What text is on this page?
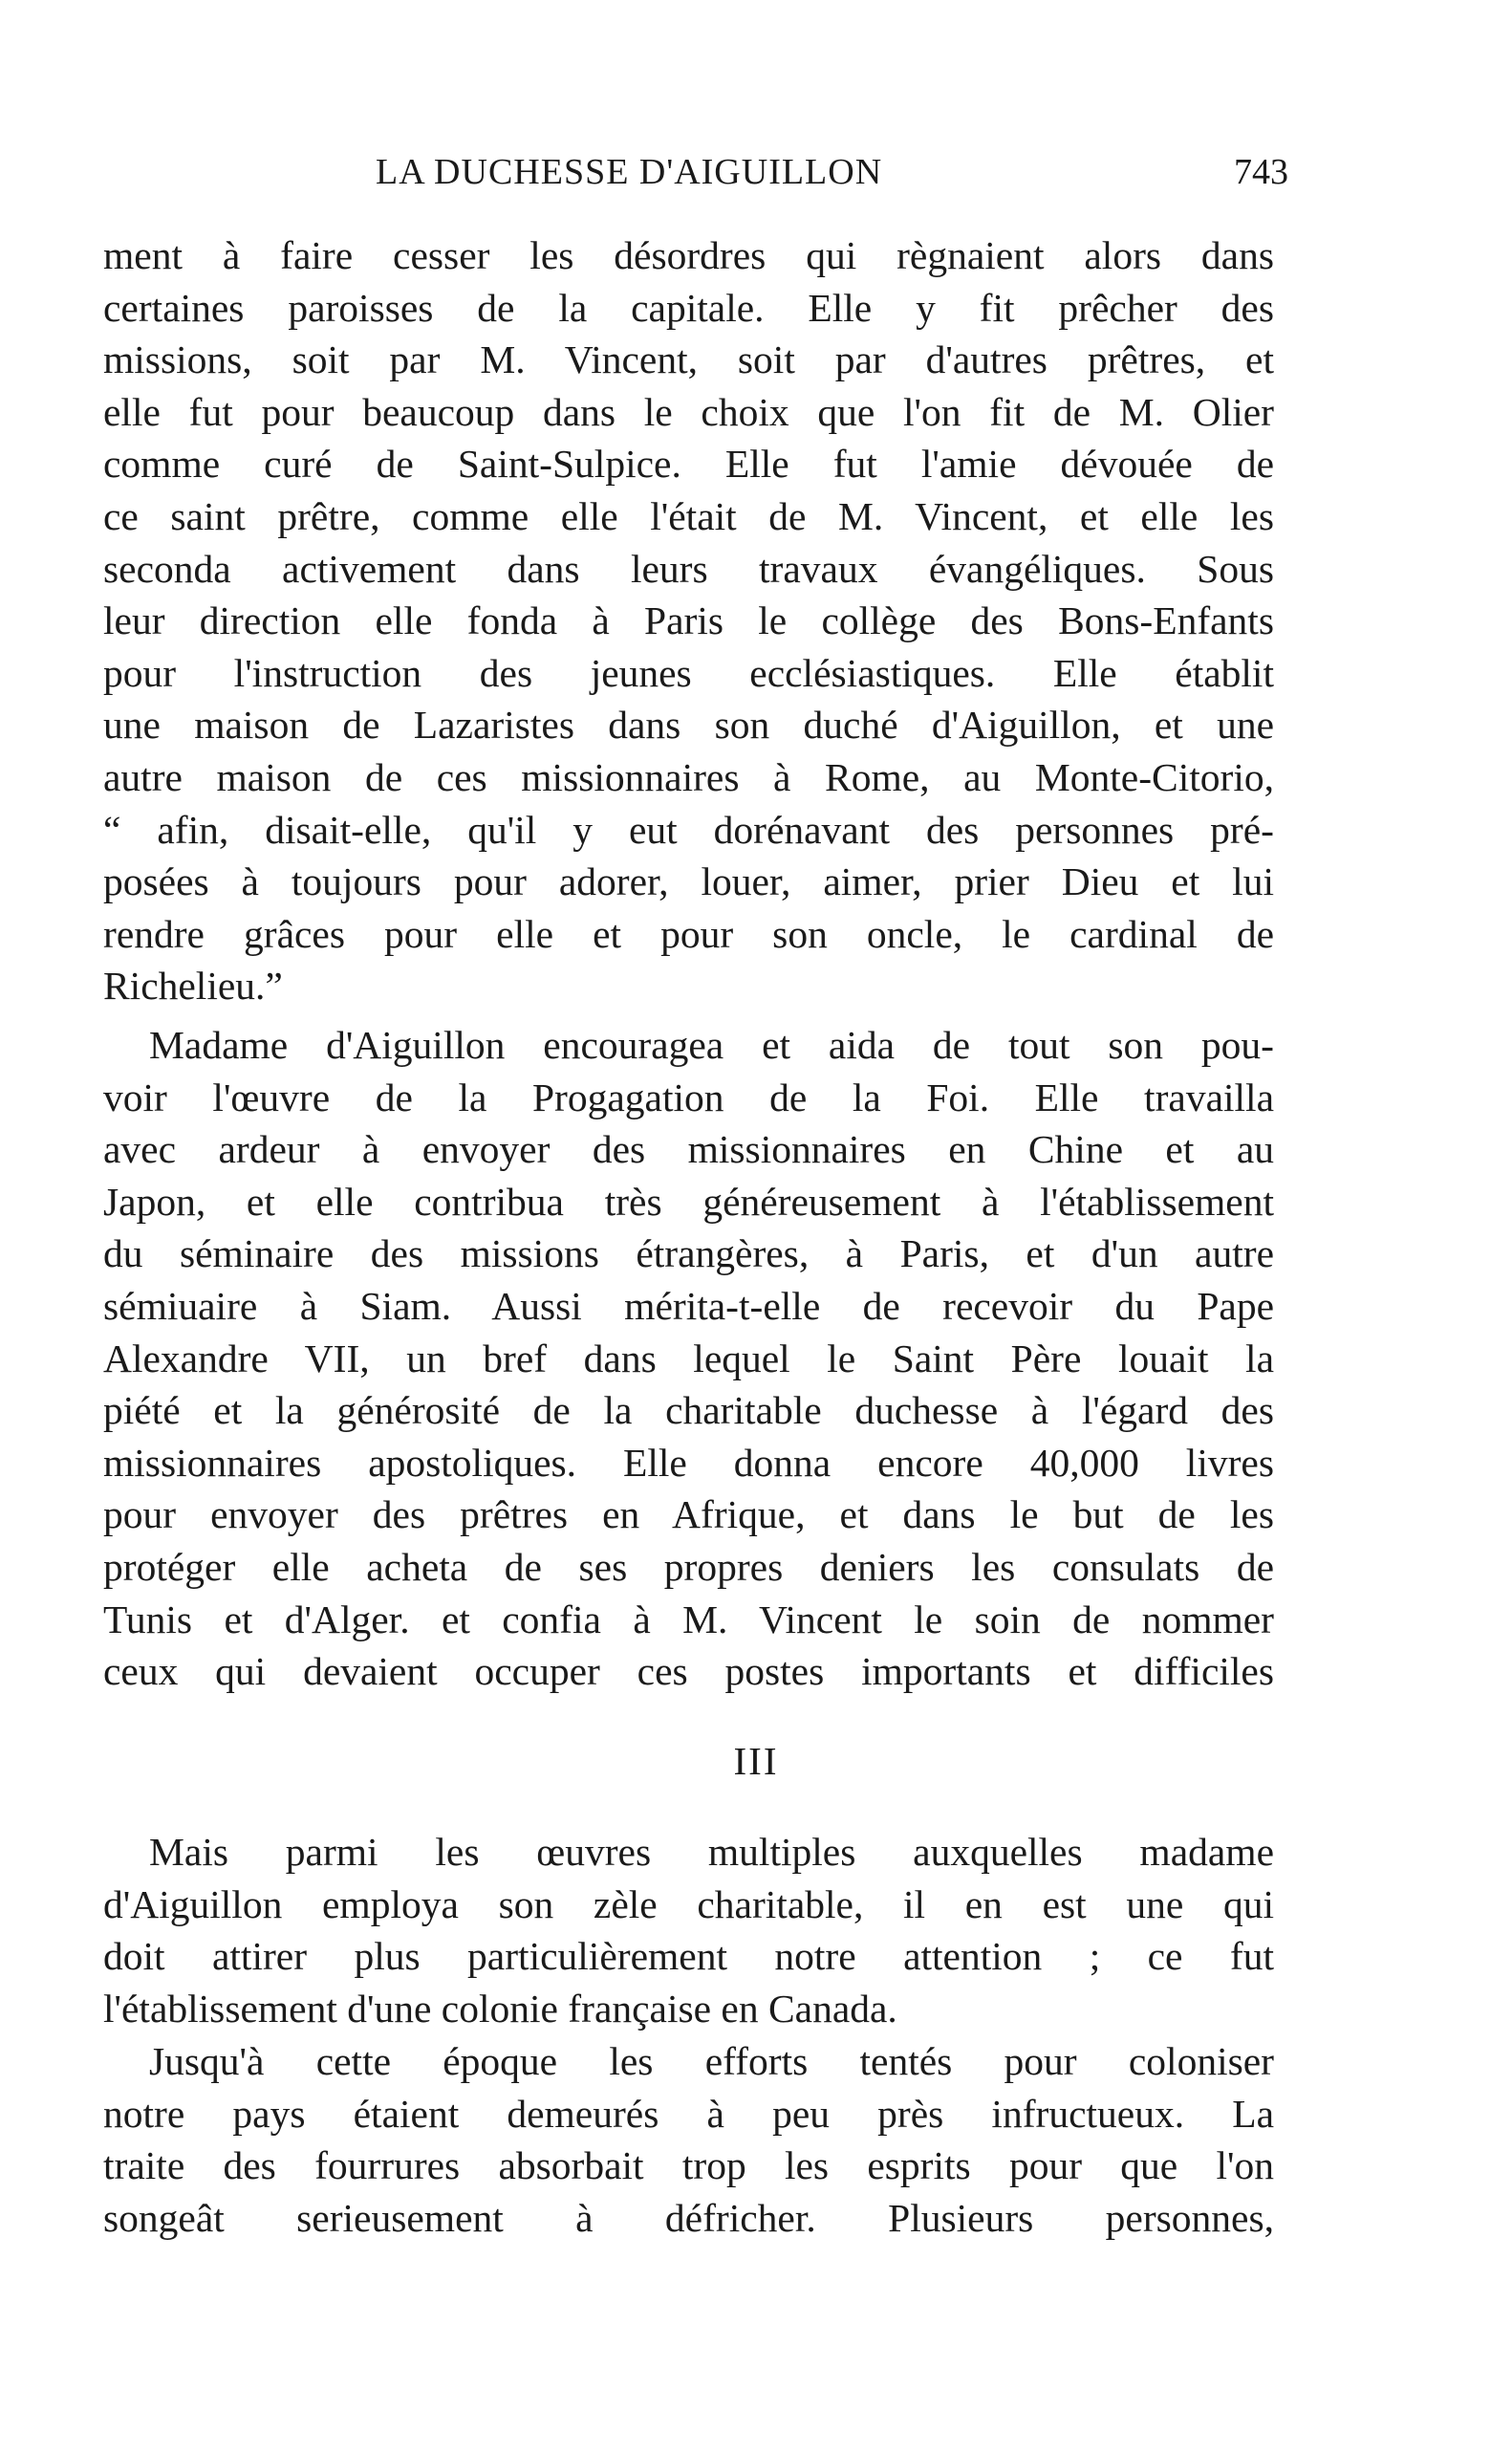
LA DUCHESSE D'AIGUILLON	743
ment à faire cesser les désordres qui règnaient alors dans
certaines paroisses de la capitale. Elle y fit prêcher des
missions, soit par M. Vincent, soit par d'autres prêtres, et
elle fut pour beaucoup dans le choix que l'on fit de M. Olier
comme curé de Saint-Sulpice. Elle fut l'amie dévouée de
ce saint prêtre, comme elle l'était de M. Vincent, et elle les
seconda activement dans leurs travaux évangéliques. Sous
leur direction elle fonda à Paris le collège des Bons-Enfants
pour l'instruction des jeunes ecclésiastiques. Elle établit
une maison de Lazaristes dans son duché d'Aiguillon, et une
autre maison de ces missionnaires à Rome, au Monte-Citorio,
“ afin, disait-elle, qu'il y eut dorénavant des personnes pré-
posées à toujours pour adorer, louer, aimer, prier Dieu et lui
rendre grâces pour elle et pour son oncle, le cardinal de
Richelieu.”
Madame d'Aiguillon encouragea et aida de tout son pou-
voir l'œuvre de la Progagation de la Foi. Elle travailla
avec ardeur à envoyer des missionnaires en Chine et au
Japon, et elle contribua très généreusement à l'établissement
du séminaire des missions étrangères, à Paris, et d'un autre
sémiuaire à Siam. Aussi mérita-t-elle de recevoir du Pape
Alexandre VII, un bref dans lequel le Saint Père louait la
piété et la générosité de la charitable duchesse à l'égard des
missionnaires apostoliques. Elle donna encore 40,000 livres
pour envoyer des prêtres en Afrique, et dans le but de les
protéger elle acheta de ses propres deniers les consulats de
Tunis et d'Alger. et confia à M. Vincent le soin de nommer
ceux qui devaient occuper ces postes importants et difficiles
III
Mais parmi les œuvres multiples auxquelles madame
d'Aiguillon employa son zèle charitable, il en est une qui
doit attirer plus particulièrement notre attention ; ce fut
l'établissement d'une colonie française en Canada.
Jusqu'à cette époque les efforts tentés pour coloniser
notre pays étaient demeurés à peu près infructueux. La
traite des fourrures absorbait trop les esprits pour que l'on
songeât serieusement à défricher. Plusieurs personnes,
